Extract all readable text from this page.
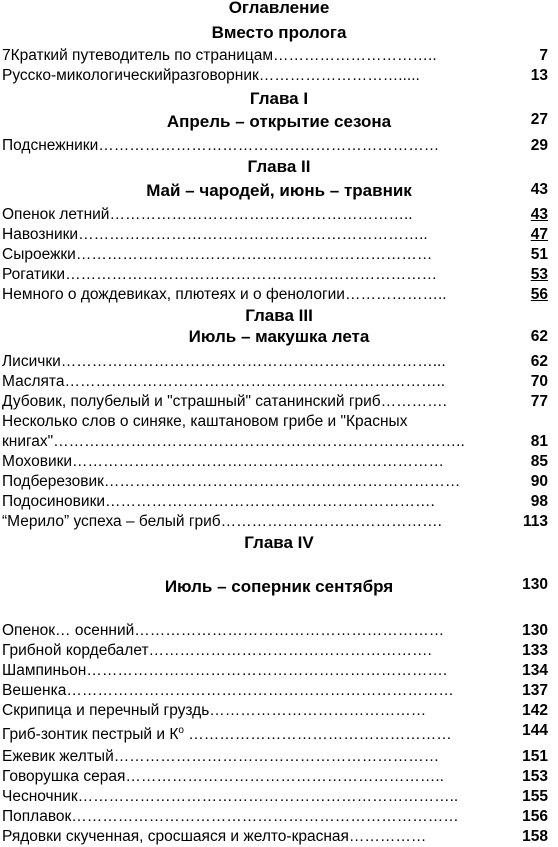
Оглавление
Вместо пролога
7Краткий путеводитель по страницам…………………………..	7
Русско-микологическийразговорник……………………….....	13
Глава I
Апрель – открытие сезона	27
Подснежники…………………………………………………………	29
Глава II
Май – чародей, июнь – травник	43
Опенок летний…………………………………………………..	43
Навозники…………………………………………………………..	47
Сыроежки……………………………………………………………	51
Рогатики………………………………………………………………	53
Немного о дождевиках, плютеях и о фенологии………………..	56
Глава III
Июль – макушка лета	62
Лисички………………………………………………………………...	62
Маслята………………………………………………………………..	70
Дубовик, полубелый и "страшный" сатанинский гриб………….	77
Несколько слов о синяке, каштановом грибе и "Красных
книгах"……………………………………………………………………..	81
Моховики………………………………………………………………	85
Подберезовик……………………………………………………………	90
Подосиновики……………………………………………………….	98
“Мерило” успеха – белый гриб…………………………………….	113
Глава IV
Июль – соперник сентября	130
Опенок… осенний……………………………………………………	130
Грибной кордебалет……………………………………………….	133
Шампиньон…………………………………………………………….	134
Вешенка…………………………………………………………………	137
Скрипица и перечный груздь……………………………………	142
Гриб-зонтик пестрый и $К^о$ ……………………………………………	144
Ежевик желтый………………………………………………………	151
Говорушка серая……………………………………………………..	153
Чесночник………………………………………………………………..	155
Поплавок…………………………………………………………………	156
Рядовки скученная, сросшаяся и желто-красная……………	158
